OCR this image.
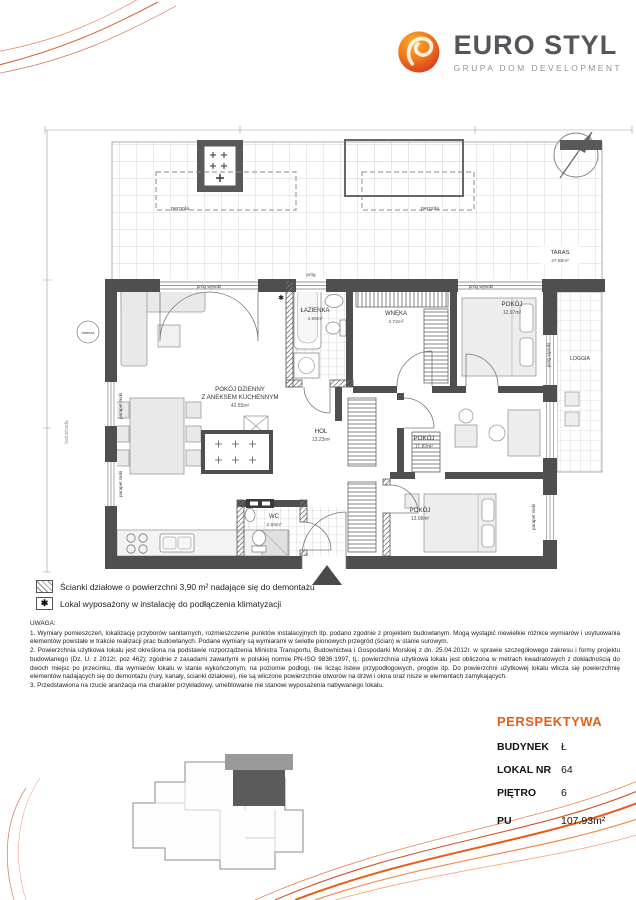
EURO STYL
GRUPA DOM DEVELOPMENT
pergola	pergola
TARAS
47.85m²
LOGGIA
drabina
✱
POKÓJ DZIENNY
Z ANEKSEM KUCHENNYM
42.55m²
HOL
13.23m²
ŁAZIENKA
4.98m²
WNĘKA
2.72m²
POKÓJ
12.97m²
POKÓJ
11.82m²
POKÓJ
13.08m²
WC
2.68m²
próg wysoki	próg wysoki
próg
próg wysoki
parapet niski
parapet niski
parapet niski
balustrada
Ścianki działowe o powierzchni 3,90 m² nadające się do demontażu
✱	Lokal wyposażony w instalację do podłączenia klimatyzacji
UWAGA:

1. Wymiary pomieszczeń, lokalizację przyborów sanitarnych, rozmieszczenie punktów instalacyjnych itp. podano zgodnie z projektem budowlanym. Mogą wystąpić niewielkie różnice wymiarów i usytuowania elementów powstałe w trakcie realizacji prac budowlanych. Podane wymiary są wymiarami w świetle pionowych przegród (ścian) w stanie surowym.

2. Powierzchnia użytkowa lokalu jest określona na podstawie rozporządzenia Ministra Transportu, Budownictwa i Gospodarki Morskiej z dn. 25.04.2012r. w sprawie szczegółowego zakresu i formy projektu budowlanego (Dz. U. z 2012r. poz 462); zgodnie z zasadami zawartymi w polskiej normie PN-ISO 9836:1997, tj.: powierzchnia użytkowa lokalu jest obliczona w metrach kwadratowych z dokładnością do dwóch miejsc po przecinku, dla wymiarów lokalu w stanie wykończonym, na poziomie podłogi, nie licząc listew przypodłogowych, progów itp. Do powierzchni użytkowej lokalu wlicza się powierzchnię elementów nadających się do demontażu (rury, kanały, ścianki działowe), nie są wliczone powierzchnie otworów na drzwi i okna oraz nisze w elementach zamykających.

3. Przedstawiona na rzucie aranżacja ma charakter przykładowy, umeblowanie nie stanowi wyposażenia nabywanego lokalu.

PERSPEKTYWA
BUDYNEK	Ł
LOKAL NR 64
PIĘTRO	6
PU	107.93m²
